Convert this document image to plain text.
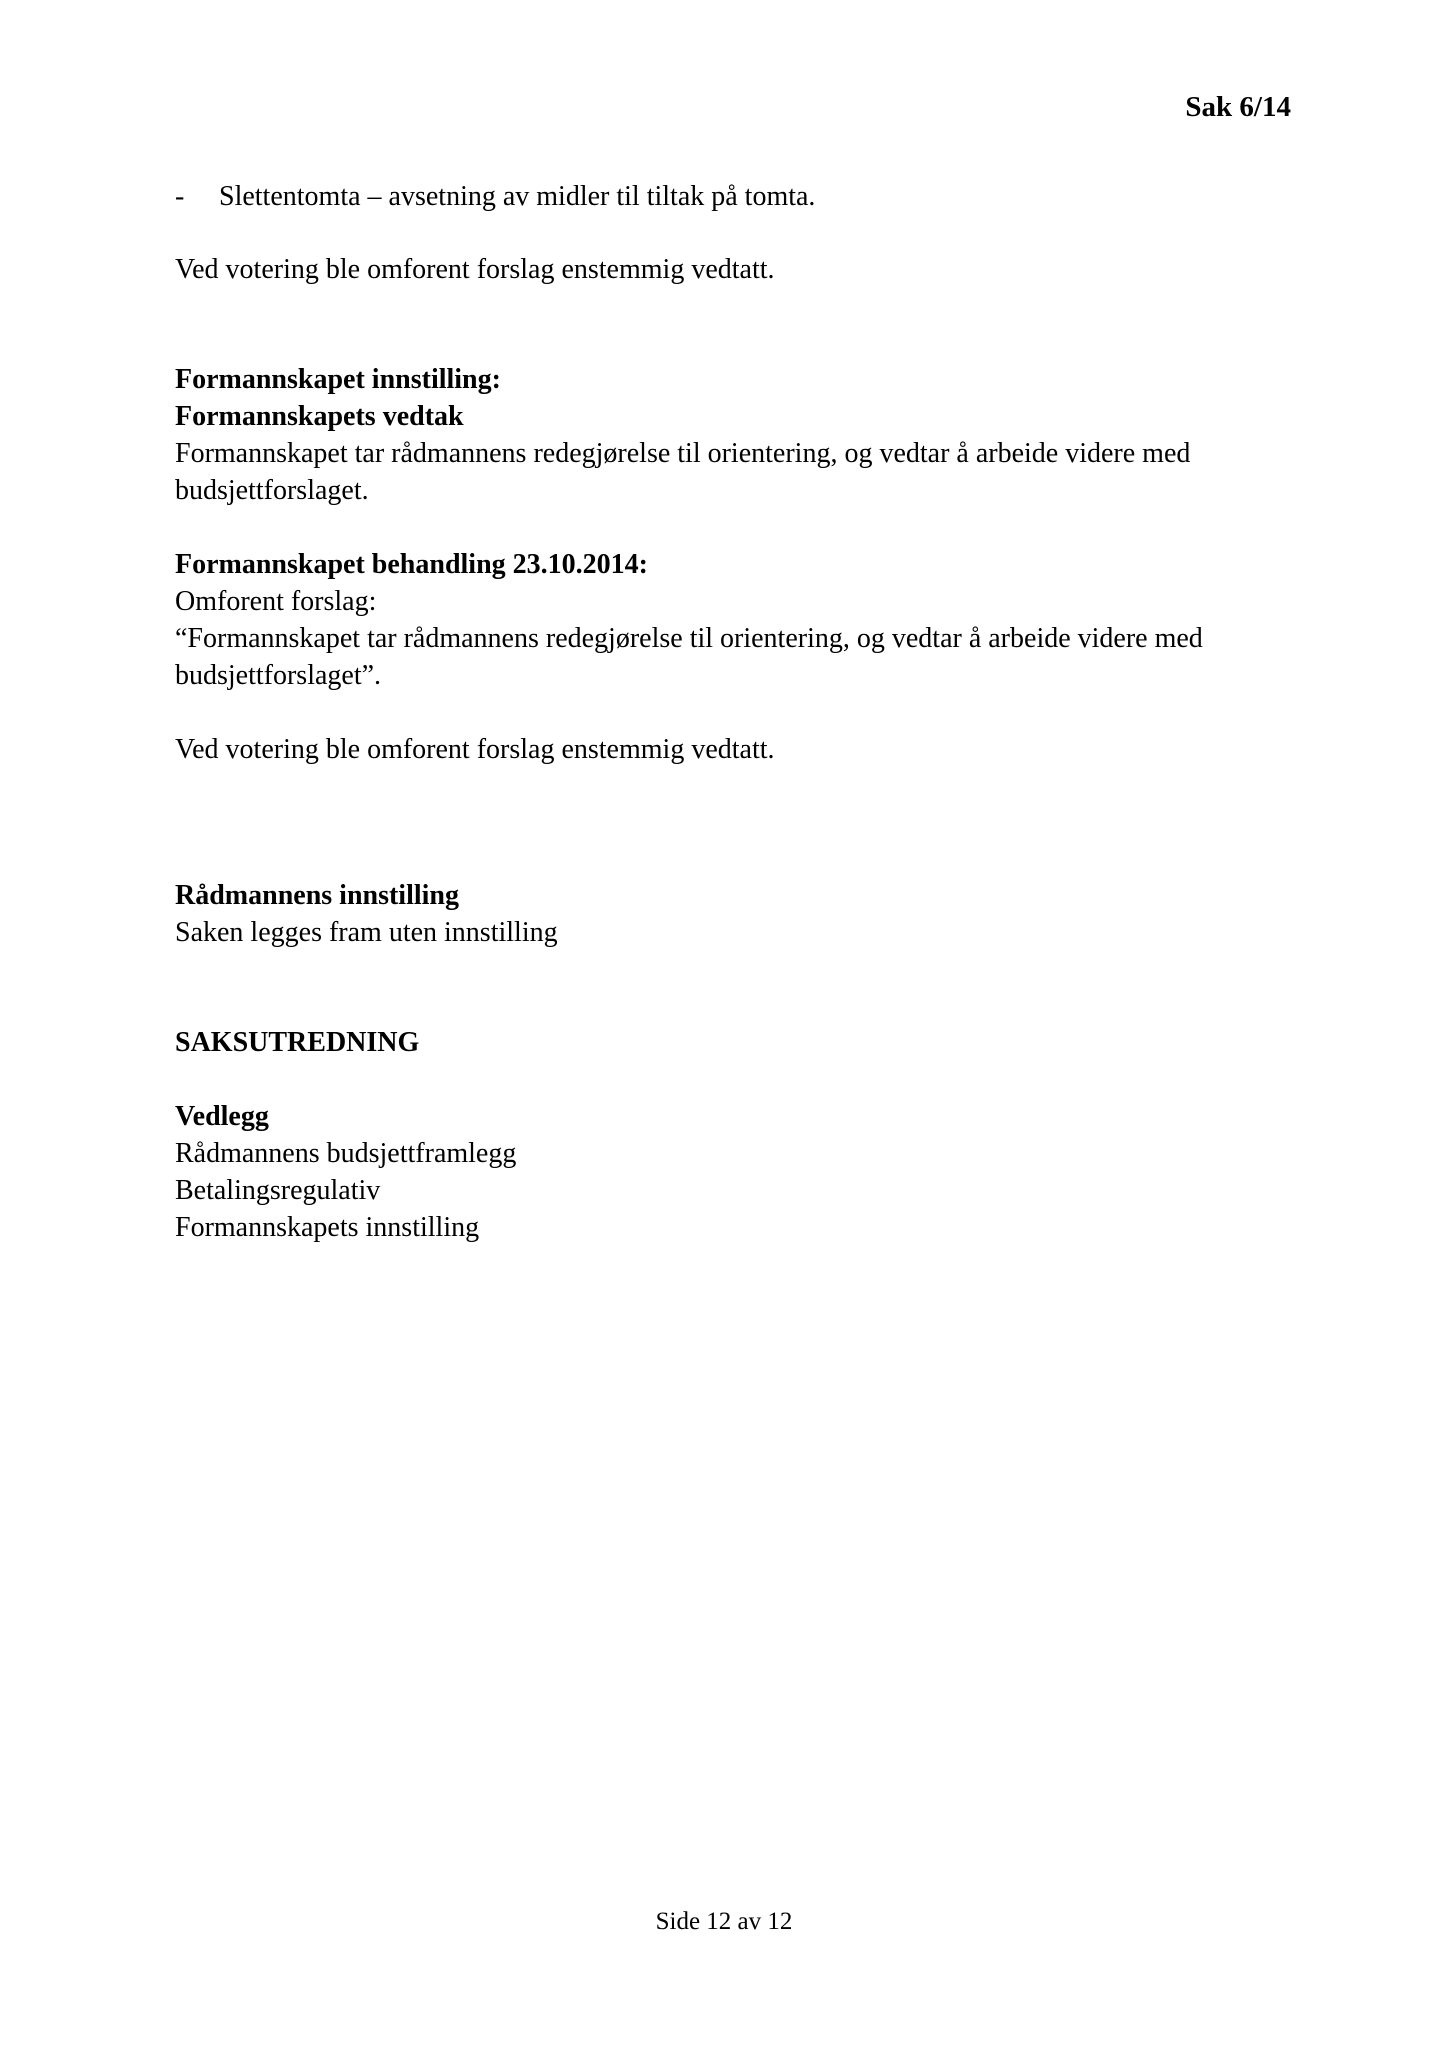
Sak 6/14
- Slettentomta – avsetning av midler til tiltak på tomta.
Ved votering ble omforent forslag enstemmig vedtatt.
Formannskapet innstilling:
Formannskapets vedtak
Formannskapet tar rådmannens redegjørelse til orientering, og vedtar å arbeide videre med
budsjettforslaget.
Formannskapet behandling 23.10.2014:
Omforent forslag:
“Formannskapet tar rådmannens redegjørelse til orientering, og vedtar å arbeide videre med
budsjettforslaget”.
Ved votering ble omforent forslag enstemmig vedtatt.
Rådmannens innstilling
Saken legges fram uten innstilling
SAKSUTREDNING
Vedlegg
Rådmannens budsjettframlegg
Betalingsregulativ
Formannskapets innstilling
Side 12 av 12
